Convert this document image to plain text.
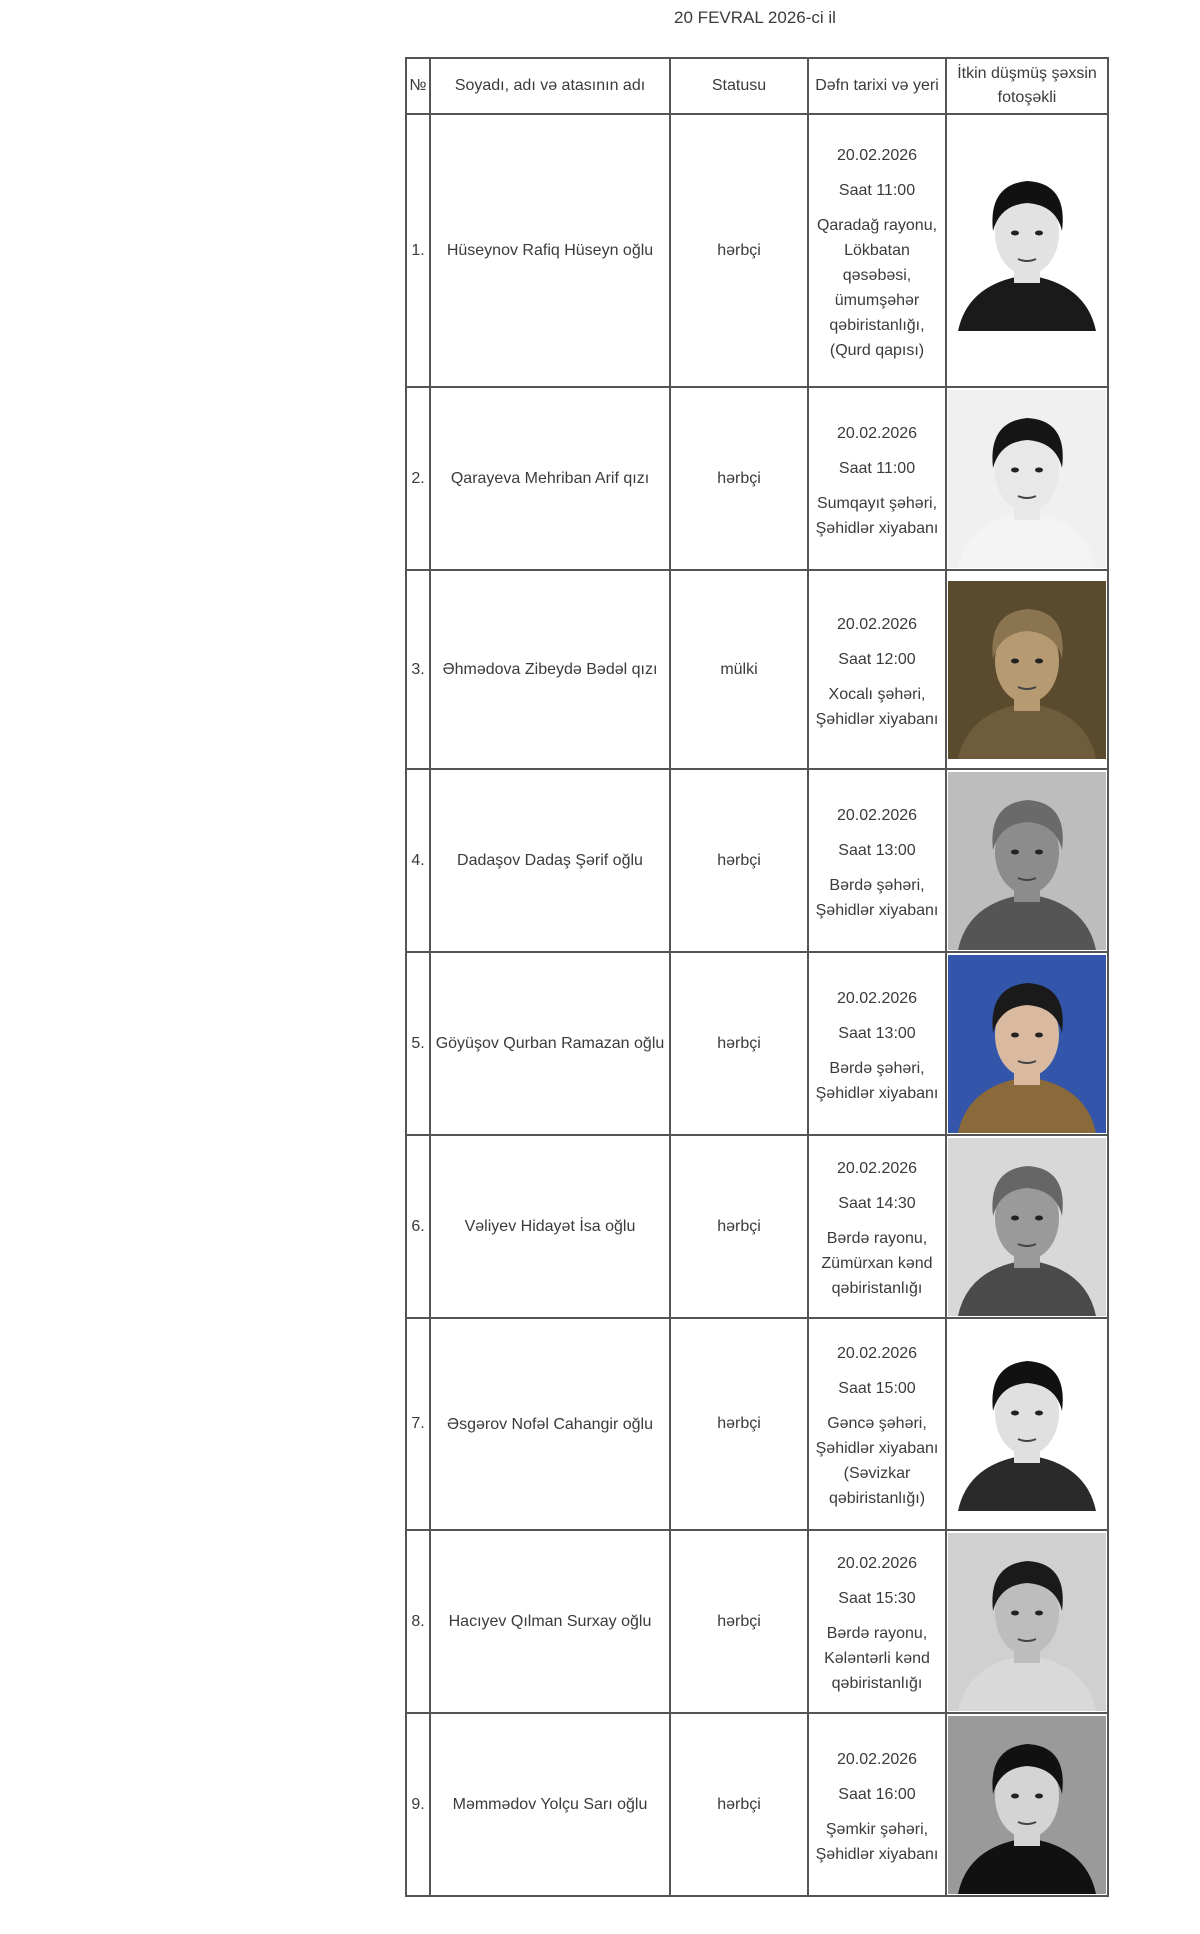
20 FEVRAL 2026-ci il
№	Soyadı, adı və atasının adı	Statusu	Dəfn tarixi və yeri	İtkin düşmüş şəxsin fotoşəkli
1.	Hüseynov Rafiq Hüseyn oğlu	hərbçi	20.02.2026
Saat 11:00
Qaradağ rayonu, Lökbatan qəsəbəsi, ümumşəhər qəbiristanlığı, (Qurd qapısı)

2.	Qarayeva Mehriban Arif qızı	hərbçi	20.02.2026
Saat 11:00
Sumqayıt şəhəri, Şəhidlər xiyabanı

3.	Əhmədova Zibeydə Bədəl qızı	mülki	20.02.2026
Saat 12:00
Xocalı şəhəri, Şəhidlər xiyabanı

4.	Dadaşov Dadaş Şərif oğlu	hərbçi	20.02.2026
Saat 13:00
Bərdə şəhəri, Şəhidlər xiyabanı

5.	Göyüşov Qurban Ramazan oğlu	hərbçi	20.02.2026
Saat 13:00
Bərdə şəhəri, Şəhidlər xiyabanı

6.	Vəliyev Hidayət İsa oğlu	hərbçi	20.02.2026
Saat 14:30
Bərdə rayonu, Zümürxan kənd qəbiristanlığı

7.	Əsgərov Nofəl Cahangir oğlu	hərbçi	20.02.2026
Saat 15:00
Gəncə şəhəri, Şəhidlər xiyabanı (Səvizkar qəbiristanlığı)

8.	Hacıyev Qılman Surxay oğlu	hərbçi	20.02.2026
Saat 15:30
Bərdə rayonu, Kələntərli kənd qəbiristanlığı

9.	Məmmədov Yolçu Sarı oğlu	hərbçi	20.02.2026
Saat 16:00
Şəmkir şəhəri, Şəhidlər xiyabanı
